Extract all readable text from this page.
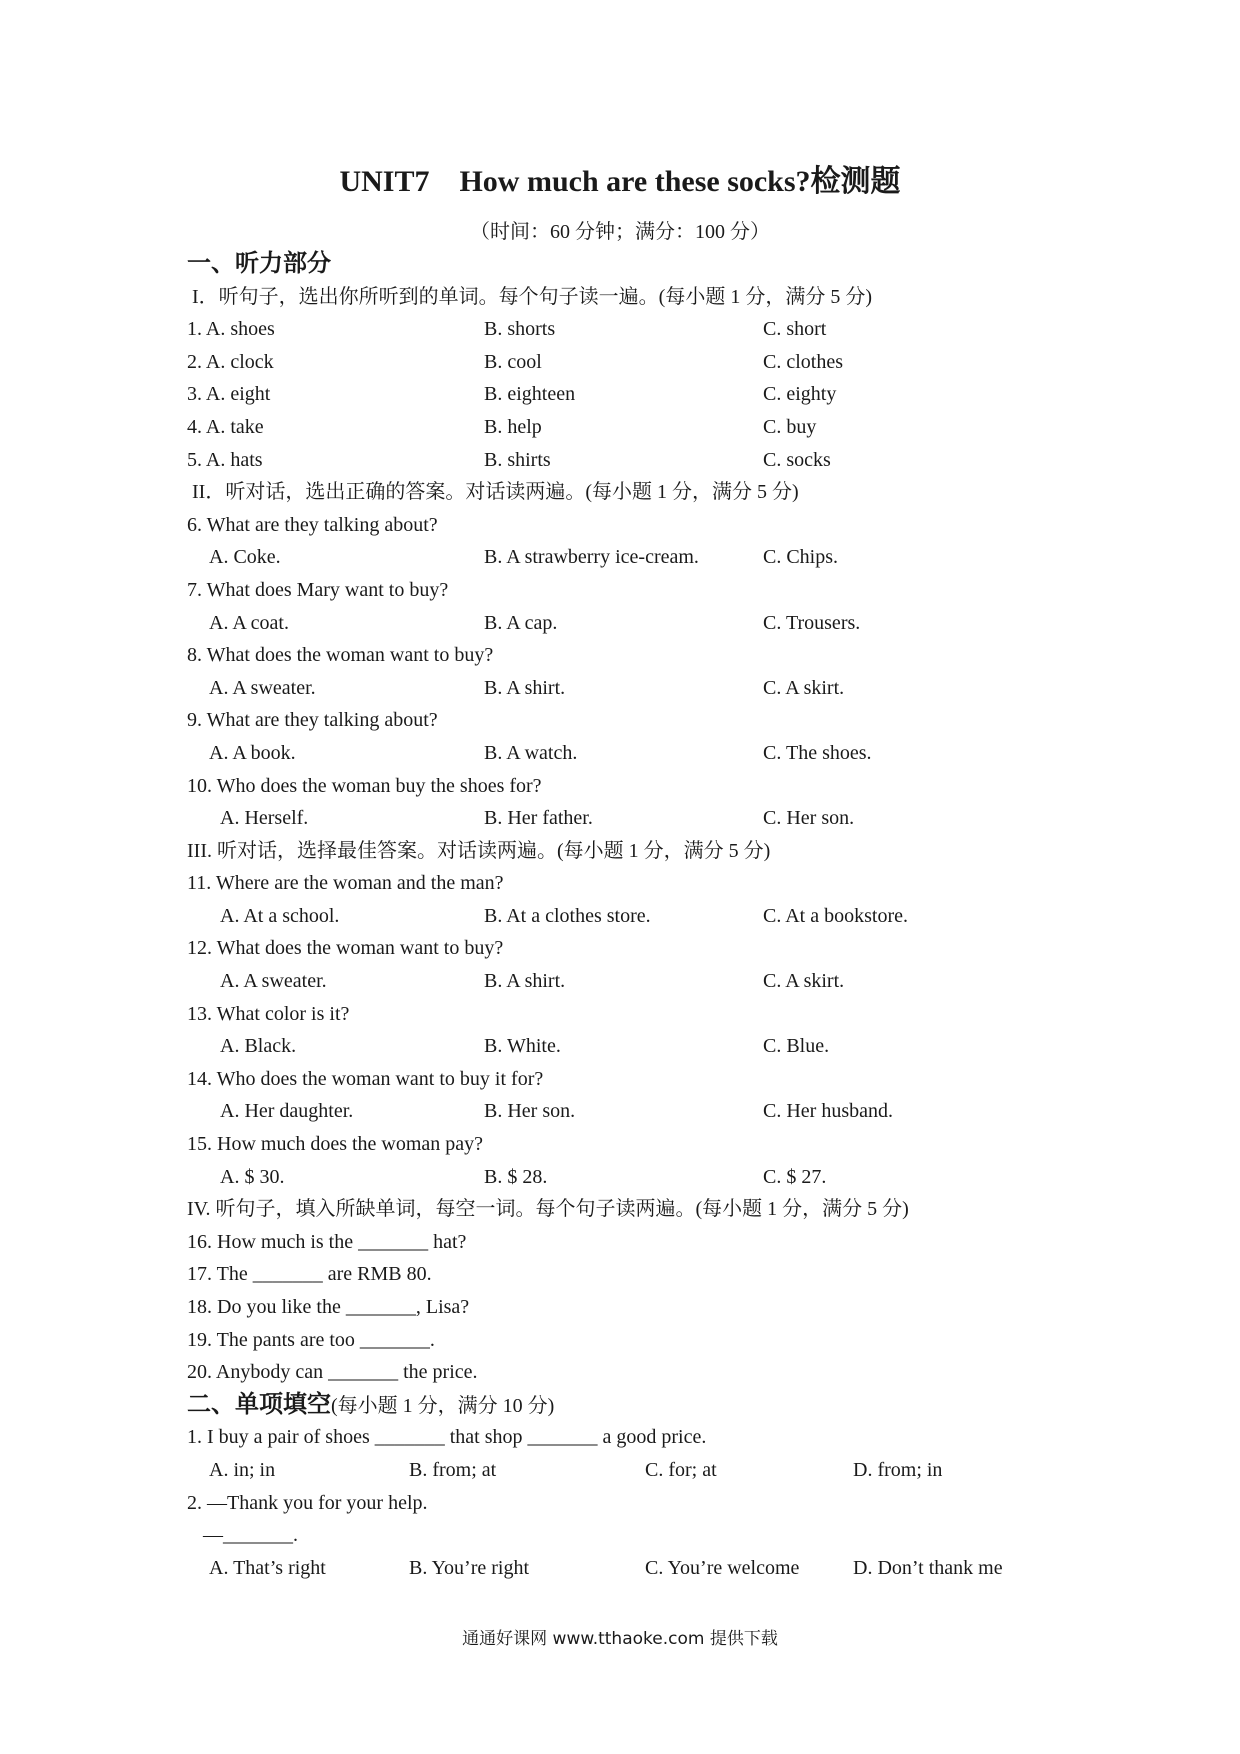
UNIT7　How much are these socks?检测题
（时间：60 分钟；满分：100 分）
一、听力部分
I．听句子，选出你所听到的单词。每个句子读一遍。(每小题 1 分，满分 5 分)
1. A. shoes	B. shorts	C. short
2. A. clock	B. cool	C. clothes
3. A. eight	B. eighteen	C. eighty
4. A. take	B. help	C. buy
5. A. hats	B. shirts	C. socks
II．听对话，选出正确的答案。对话读两遍。(每小题 1 分，满分 5 分)
6. What are they talking about?
A. Coke.	B. A strawberry ice-cream.	C. Chips.
7. What does Mary want to buy?
A. A coat.	B. A cap.	C. Trousers.
8. What does the woman want to buy?
A. A sweater.	B. A shirt.	C. A skirt.
9. What are they talking about?
A. A book.	B. A watch.	C. The shoes.
10. Who does the woman buy the shoes for?
A. Herself.	B. Her father.	C. Her son.
III. 听对话，选择最佳答案。对话读两遍。(每小题 1 分，满分 5 分)
11. Where are the woman and the man?
A. At a school.	B. At a clothes store.	C. At a bookstore.
12. What does the woman want to buy?
A. A sweater.	B. A shirt.	C. A skirt.
13. What color is it?
A. Black.	B. White.	C. Blue.
14. Who does the woman want to buy it for?
A. Her daughter.	B. Her son.	C. Her husband.
15. How much does the woman pay?
A. $ 30.	B. $ 28.	C. $ 27.
IV. 听句子，填入所缺单词，每空一词。每个句子读两遍。(每小题 1 分，满分 5 分)
16. How much is the _______ hat?
17. The _______ are RMB 80.
18. Do you like the _______, Lisa?
19. The pants are too _______.
20. Anybody can _______ the price.
二、单项填空(每小题 1 分，满分 10 分)
1. I buy a pair of shoes _______ that shop _______ a good price.
A. in; in	B. from; at	C. for; at	D. from; in
2. —Thank you for your help.
—_______.
A. That’s right	B. You’re right	C. You’re welcome	D. Don’t thank me
通通好课网 www.tthaoke.com 提供下载
